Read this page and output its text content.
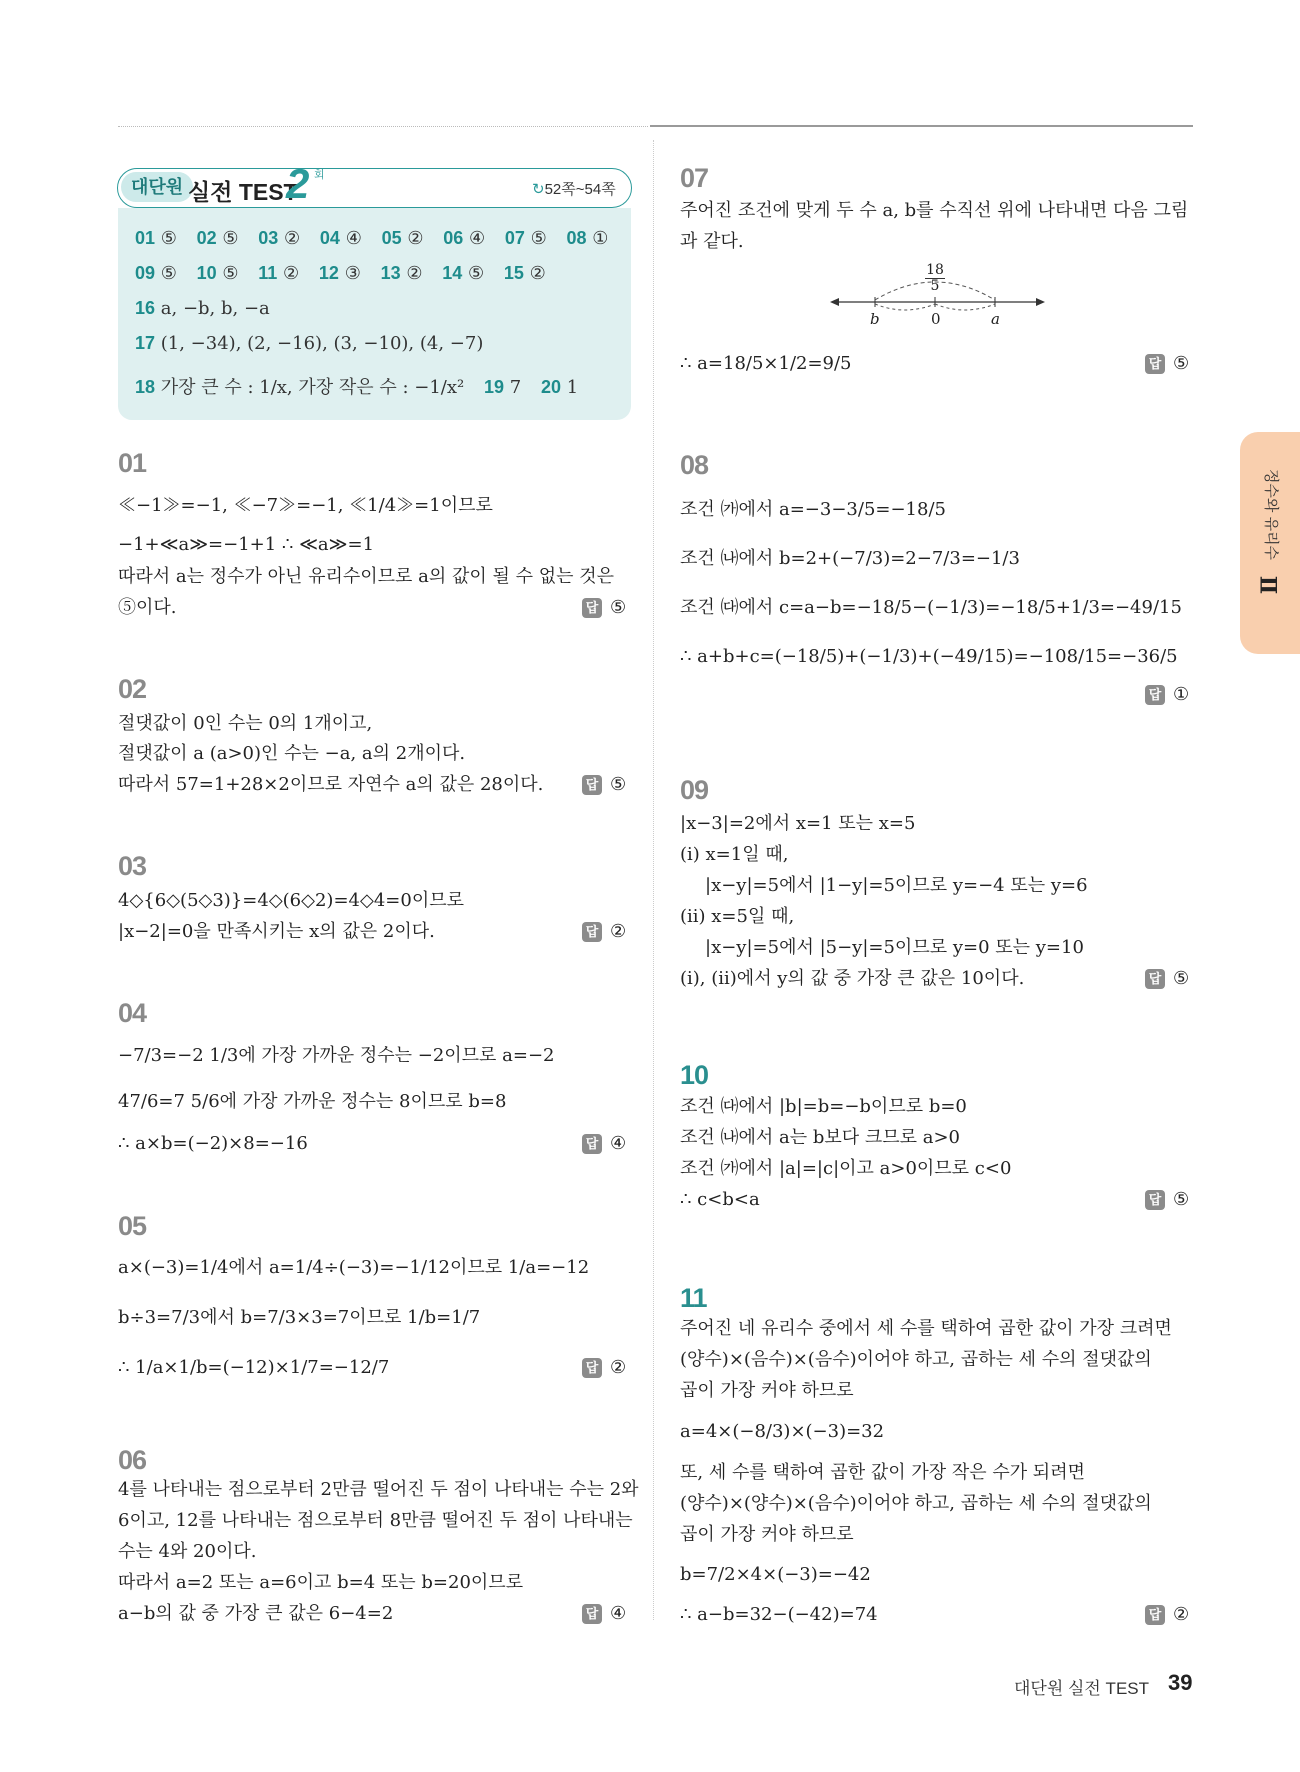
대단원 실전 TEST
2 회
↻52쪽~54쪽
01 ⑤ 02 ⑤ 03 ② 04 ④ 05 ② 06 ④ 07 ⑤ 08 ①
09 ⑤ 10 ⑤ 11 ② 12 ③ 13 ② 14 ⑤ 15 ②
16 a, −b, b, −a
17 (1, −34), (2, −16), (3, −10), (4, −7)
18 가장 큰 수 : 1/x, 가장 작은 수 : −1/x² 19 7 20 1
01
≪−1≫=−1, ≪−7≫=−1, ≪1/4≫=1이므로
−1+≪a≫=−1+1 ∴ ≪a≫=1
따라서 a는 정수가 아닌 유리수이므로 a의 값이 될 수 없는 것은
⑤이다.	답 ⑤
02
절댓값이 0인 수는 0의 1개이고,
절댓값이 a (a>0)인 수는 −a, a의 2개이다.
따라서 57=1+28×2이므로 자연수 a의 값은 28이다.	답 ⑤
03
4◇{6◇(5◇3)}=4◇(6◇2)=4◇4=0이므로
|x−2|=0을 만족시키는 x의 값은 2이다.	답 ②
04
−7/3=−2 1/3에 가장 가까운 정수는 −2이므로 a=−2
47/6=7 5/6에 가장 가까운 정수는 8이므로 b=8
∴ a×b=(−2)×8=−16	답 ④
05
a×(−3)=1/4에서 a=1/4÷(−3)=−1/12이므로 1/a=−12
b÷3=7/3에서 b=7/3×3=7이므로 1/b=1/7
∴ 1/a×1/b=(−12)×1/7=−12/7	답 ②
06
4를 나타내는 점으로부터 2만큼 떨어진 두 점이 나타내는 수는 2와
6이고, 12를 나타내는 점으로부터 8만큼 떨어진 두 점이 나타내는
수는 4와 20이다.
따라서 a=2 또는 a=6이고 b=4 또는 b=20이므로
a−b의 값 중 가장 큰 값은 6−4=2	답 ④
07
주어진 조건에 맞게 두 수 a, b를 수직선 위에 나타내면 다음 그림
과 같다.
18
5
b	0	a
∴ a=18/5×1/2=9/5	답 ⑤
08
조건 ㈎에서 a=−3−3/5=−18/5
조건 ㈏에서 b=2+(−7/3)=2−7/3=−1/3
조건 ㈐에서 c=a−b=−18/5−(−1/3)=−18/5+1/3=−49/15
∴ a+b+c=(−18/5)+(−1/3)+(−49/15)=−108/15=−36/5
답 ①
09
|x−3|=2에서 x=1 또는 x=5
(ⅰ) x=1일 때,
|x−y|=5에서 |1−y|=5이므로 y=−4 또는 y=6
(ⅱ) x=5일 때,
|x−y|=5에서 |5−y|=5이므로 y=0 또는 y=10
(ⅰ), (ⅱ)에서 y의 값 중 가장 큰 값은 10이다.	답 ⑤
10
조건 ㈐에서 |b|=b=−b이므로 b=0
조건 ㈏에서 a는 b보다 크므로 a>0
조건 ㈎에서 |a|=|c|이고 a>0이므로 c<0
∴ c<b<a	답 ⑤
11
주어진 네 유리수 중에서 세 수를 택하여 곱한 값이 가장 크려면
(양수)×(음수)×(음수)이어야 하고, 곱하는 세 수의 절댓값의
곱이 가장 커야 하므로
a=4×(−8/3)×(−3)=32
또, 세 수를 택하여 곱한 값이 가장 작은 수가 되려면
(양수)×(양수)×(음수)이어야 하고, 곱하는 세 수의 절댓값의
곱이 가장 커야 하므로
b=7/2×4×(−3)=−42
∴ a−b=32−(−42)=74	답 ②
Ⅱ
정수와 유리수
대단원 실전 TEST 39
